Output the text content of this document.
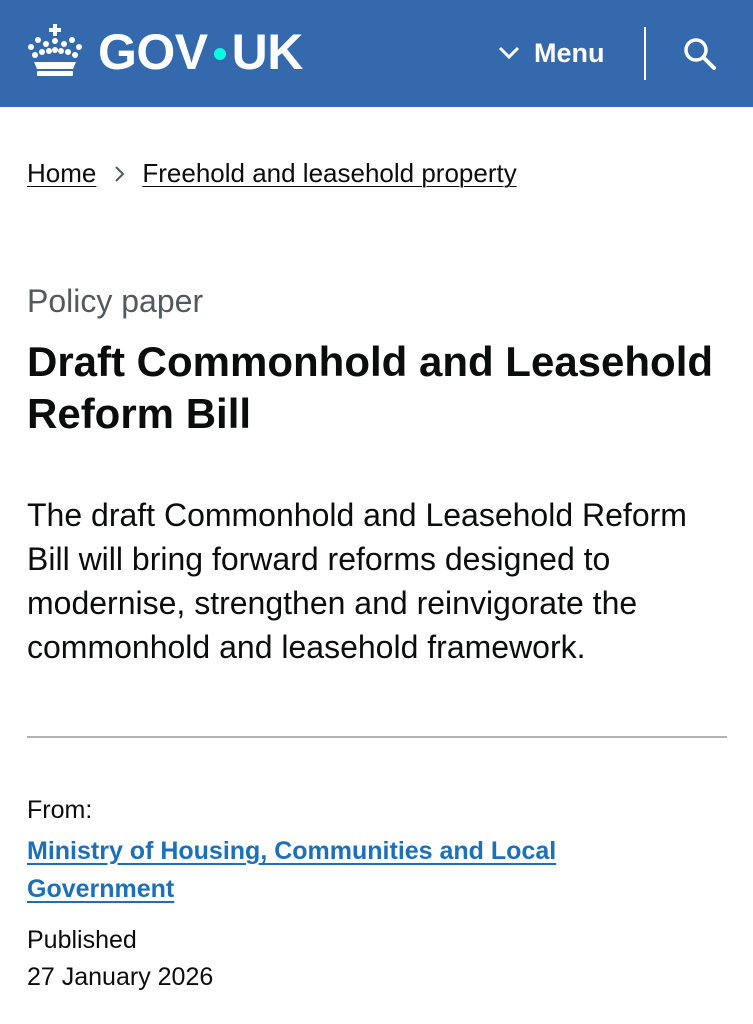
GOV UK	Menu
Home Freehold and leasehold property
Policy paper
Draft Commonhold and Leasehold Reform Bill

The draft Commonhold and Leasehold Reform Bill will bring forward reforms designed to modernise, strengthen and reinvigorate the commonhold and leasehold framework.

From:
Ministry of Housing, Communities and Local Government
Published
27 January 2026
